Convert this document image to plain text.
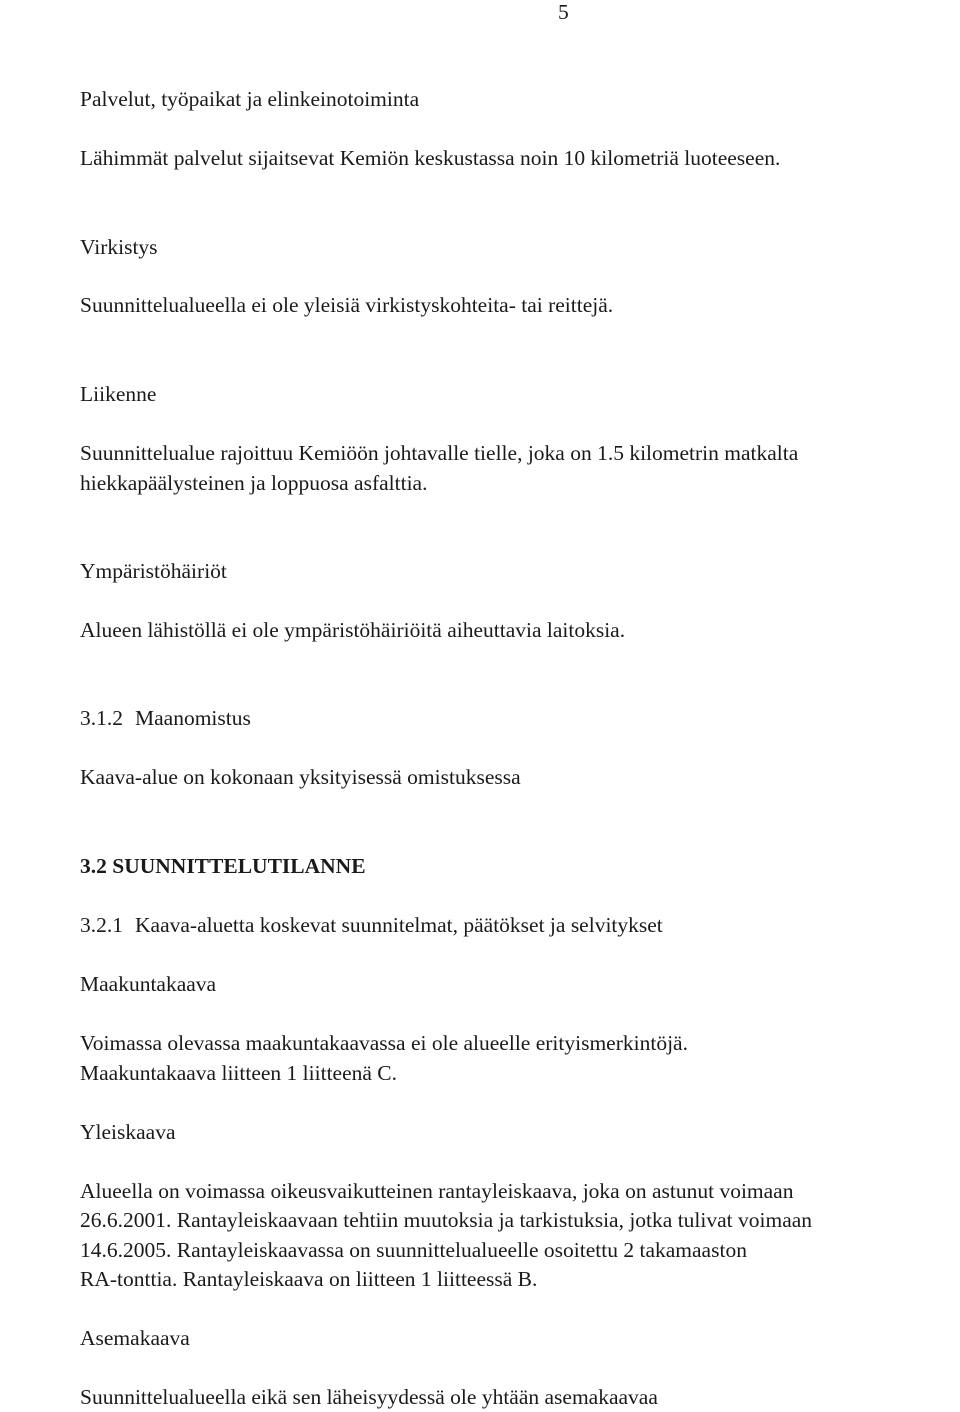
5
Palvelut, työpaikat ja elinkeinotoiminta
Lähimmät palvelut sijaitsevat Kemiön keskustassa noin 10 kilometriä luoteeseen.
Virkistys
Suunnittelualueella ei ole yleisiä virkistyskohteita- tai reittejä.
Liikenne
Suunnittelualue rajoittuu Kemiöön johtavalle tielle, joka on 1.5 kilometrin matkalta
hiekkapäälysteinen ja loppuosa asfalttia.
Ympäristöhäiriöt
Alueen lähistöllä ei ole ympäristöhäiriöitä aiheuttavia laitoksia.
3.1.2 Maanomistus
Kaava-alue on kokonaan yksityisessä omistuksessa
3.2 SUUNNITTELUTILANNE
3.2.1 Kaava-aluetta koskevat suunnitelmat, päätökset ja selvitykset
Maakuntakaava
Voimassa olevassa maakuntakaavassa ei ole alueelle erityismerkintöjä.
Maakuntakaava liitteen 1 liitteenä C.
Yleiskaava
Alueella on voimassa oikeusvaikutteinen rantayleiskaava, joka on astunut voimaan
26.6.2001. Rantayleiskaavaan tehtiin muutoksia ja tarkistuksia, jotka tulivat voimaan
14.6.2005. Rantayleiskaavassa on suunnittelualueelle osoitettu 2 takamaaston
RA-tonttia. Rantayleiskaava on liitteen 1 liitteessä B.
Asemakaava
Suunnittelualueella eikä sen läheisyydessä ole yhtään asemakaavaa
